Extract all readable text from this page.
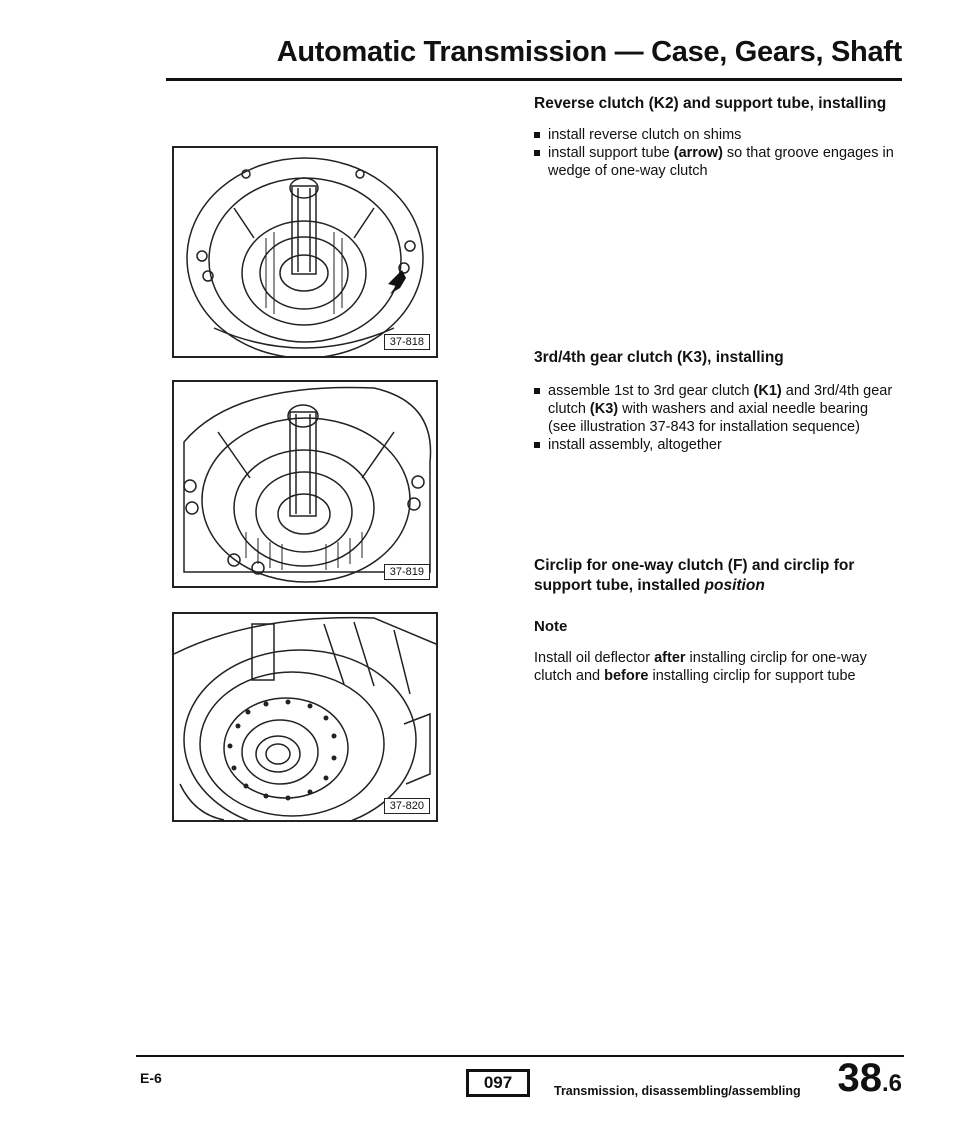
Automatic Transmission — Case, Gears, Shaft
37-818
37-819
37-820

Reverse clutch (K2) and support tube, installing

install reverse clutch on shims
install support tube (arrow) so that groove engages in wedge of one-way clutch

3rd/4th gear clutch (K3), installing

assemble 1st to 3rd gear clutch (K1) and 3rd/4th gear clutch (K3) with washers and axial needle bearing (see illustration 37-843 for installation sequence)
install assembly, altogether

Circlip for one-way clutch (F) and circlip for support tube, installed position

Note

Install oil deflector after installing circlip for one-way clutch and before installing circlip for support tube

E-6	097	Transmission, disassembling/assembling 38.6
